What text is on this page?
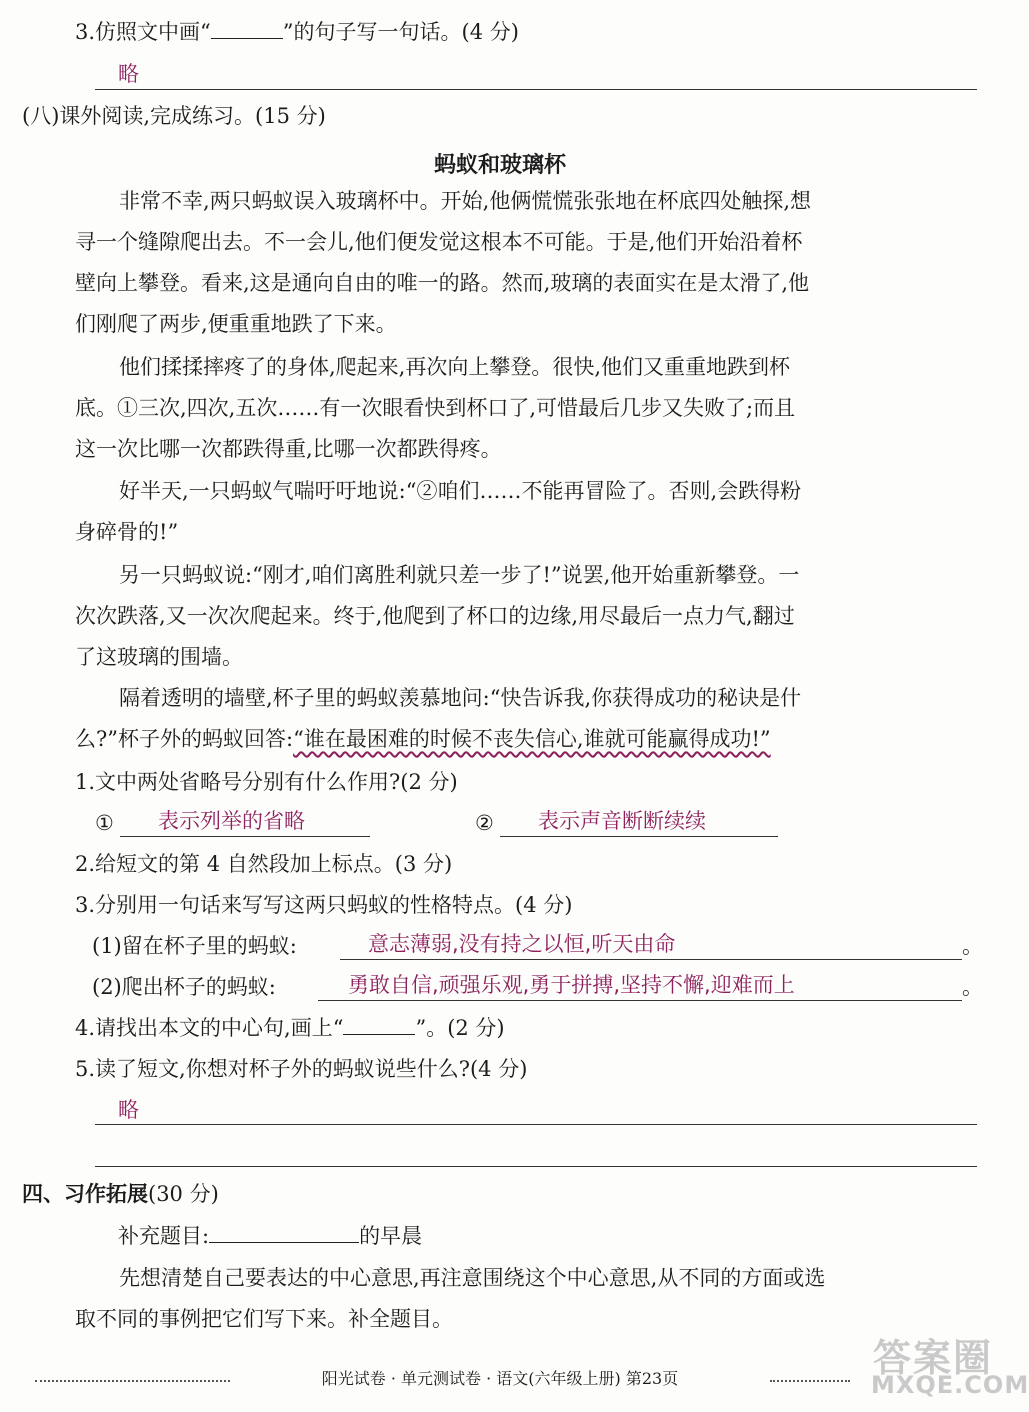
3.仿照文中画“	”的句子写一句话。(4 分)
略
(八)课外阅读,完成练习。(15 分)
蚂蚁和玻璃杯
非常不幸,两只蚂蚁误入玻璃杯中。开始,他俩慌慌张张地在杯底四处触探,想
寻一个缝隙爬出去。不一会儿,他们便发觉这根本不可能。于是,他们开始沿着杯
壁向上攀登。看来,这是通向自由的唯一的路。然而,玻璃的表面实在是太滑了,他
们刚爬了两步,便重重地跌了下来。
他们揉揉摔疼了的身体,爬起来,再次向上攀登。很快,他们又重重地跌到杯
底。①三次,四次,五次……有一次眼看快到杯口了,可惜最后几步又失败了;而且
这一次比哪一次都跌得重,比哪一次都跌得疼。
好半天,一只蚂蚁气喘吁吁地说:“②咱们……不能再冒险了。否则,会跌得粉
身碎骨的!”
另一只蚂蚁说:“刚才,咱们离胜利就只差一步了!”说罢,他开始重新攀登。一
次次跌落,又一次次爬起来。终于,他爬到了杯口的边缘,用尽最后一点力气,翻过
了这玻璃的围墙。
隔着透明的墙壁,杯子里的蚂蚁羡慕地问:“快告诉我,你获得成功的秘诀是什
么?”杯子外的蚂蚁回答:“谁在最困难的时候不丧失信心,谁就可能赢得成功!”
1.文中两处省略号分别有什么作用?(2 分)
① 表示列举的省略	② 表示声音断断续续
2.给短文的第 4 自然段加上标点。(3 分)
3.分别用一句话来写写这两只蚂蚁的性格特点。(4 分)
(1)留在杯子里的蚂蚁:	意志薄弱,没有持之以恒,听天由命	。
(2)爬出杯子的蚂蚁:	勇敢自信,顽强乐观,勇于拼搏,坚持不懈,迎难而上	。
4.请找出本文的中心句,画上“	”。(2 分)
5.读了短文,你想对杯子外的蚂蚁说些什么?(4 分)
略
四、习作拓展(30 分)
补充题目:	的早晨
先想清楚自己要表达的中心意思,再注意围绕这个中心意思,从不同的方面或选
取不同的事例把它们写下来。补全题目。
阳光试卷 · 单元测试卷 · 语文(六年级上册) 第23页	答案圈
MXQE.COM
